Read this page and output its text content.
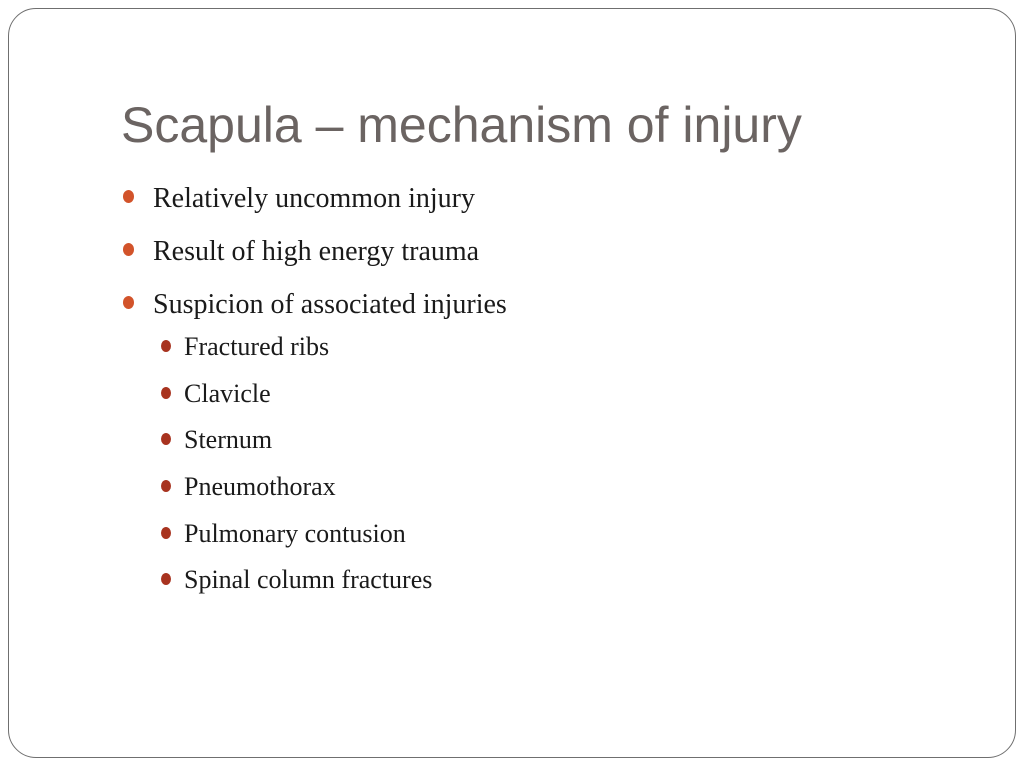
Scapula – mechanism of injury
Relatively uncommon injury
Result of high energy trauma
Suspicion of associated injuries
Fractured ribs
Clavicle
Sternum
Pneumothorax
Pulmonary contusion
Spinal column fractures
